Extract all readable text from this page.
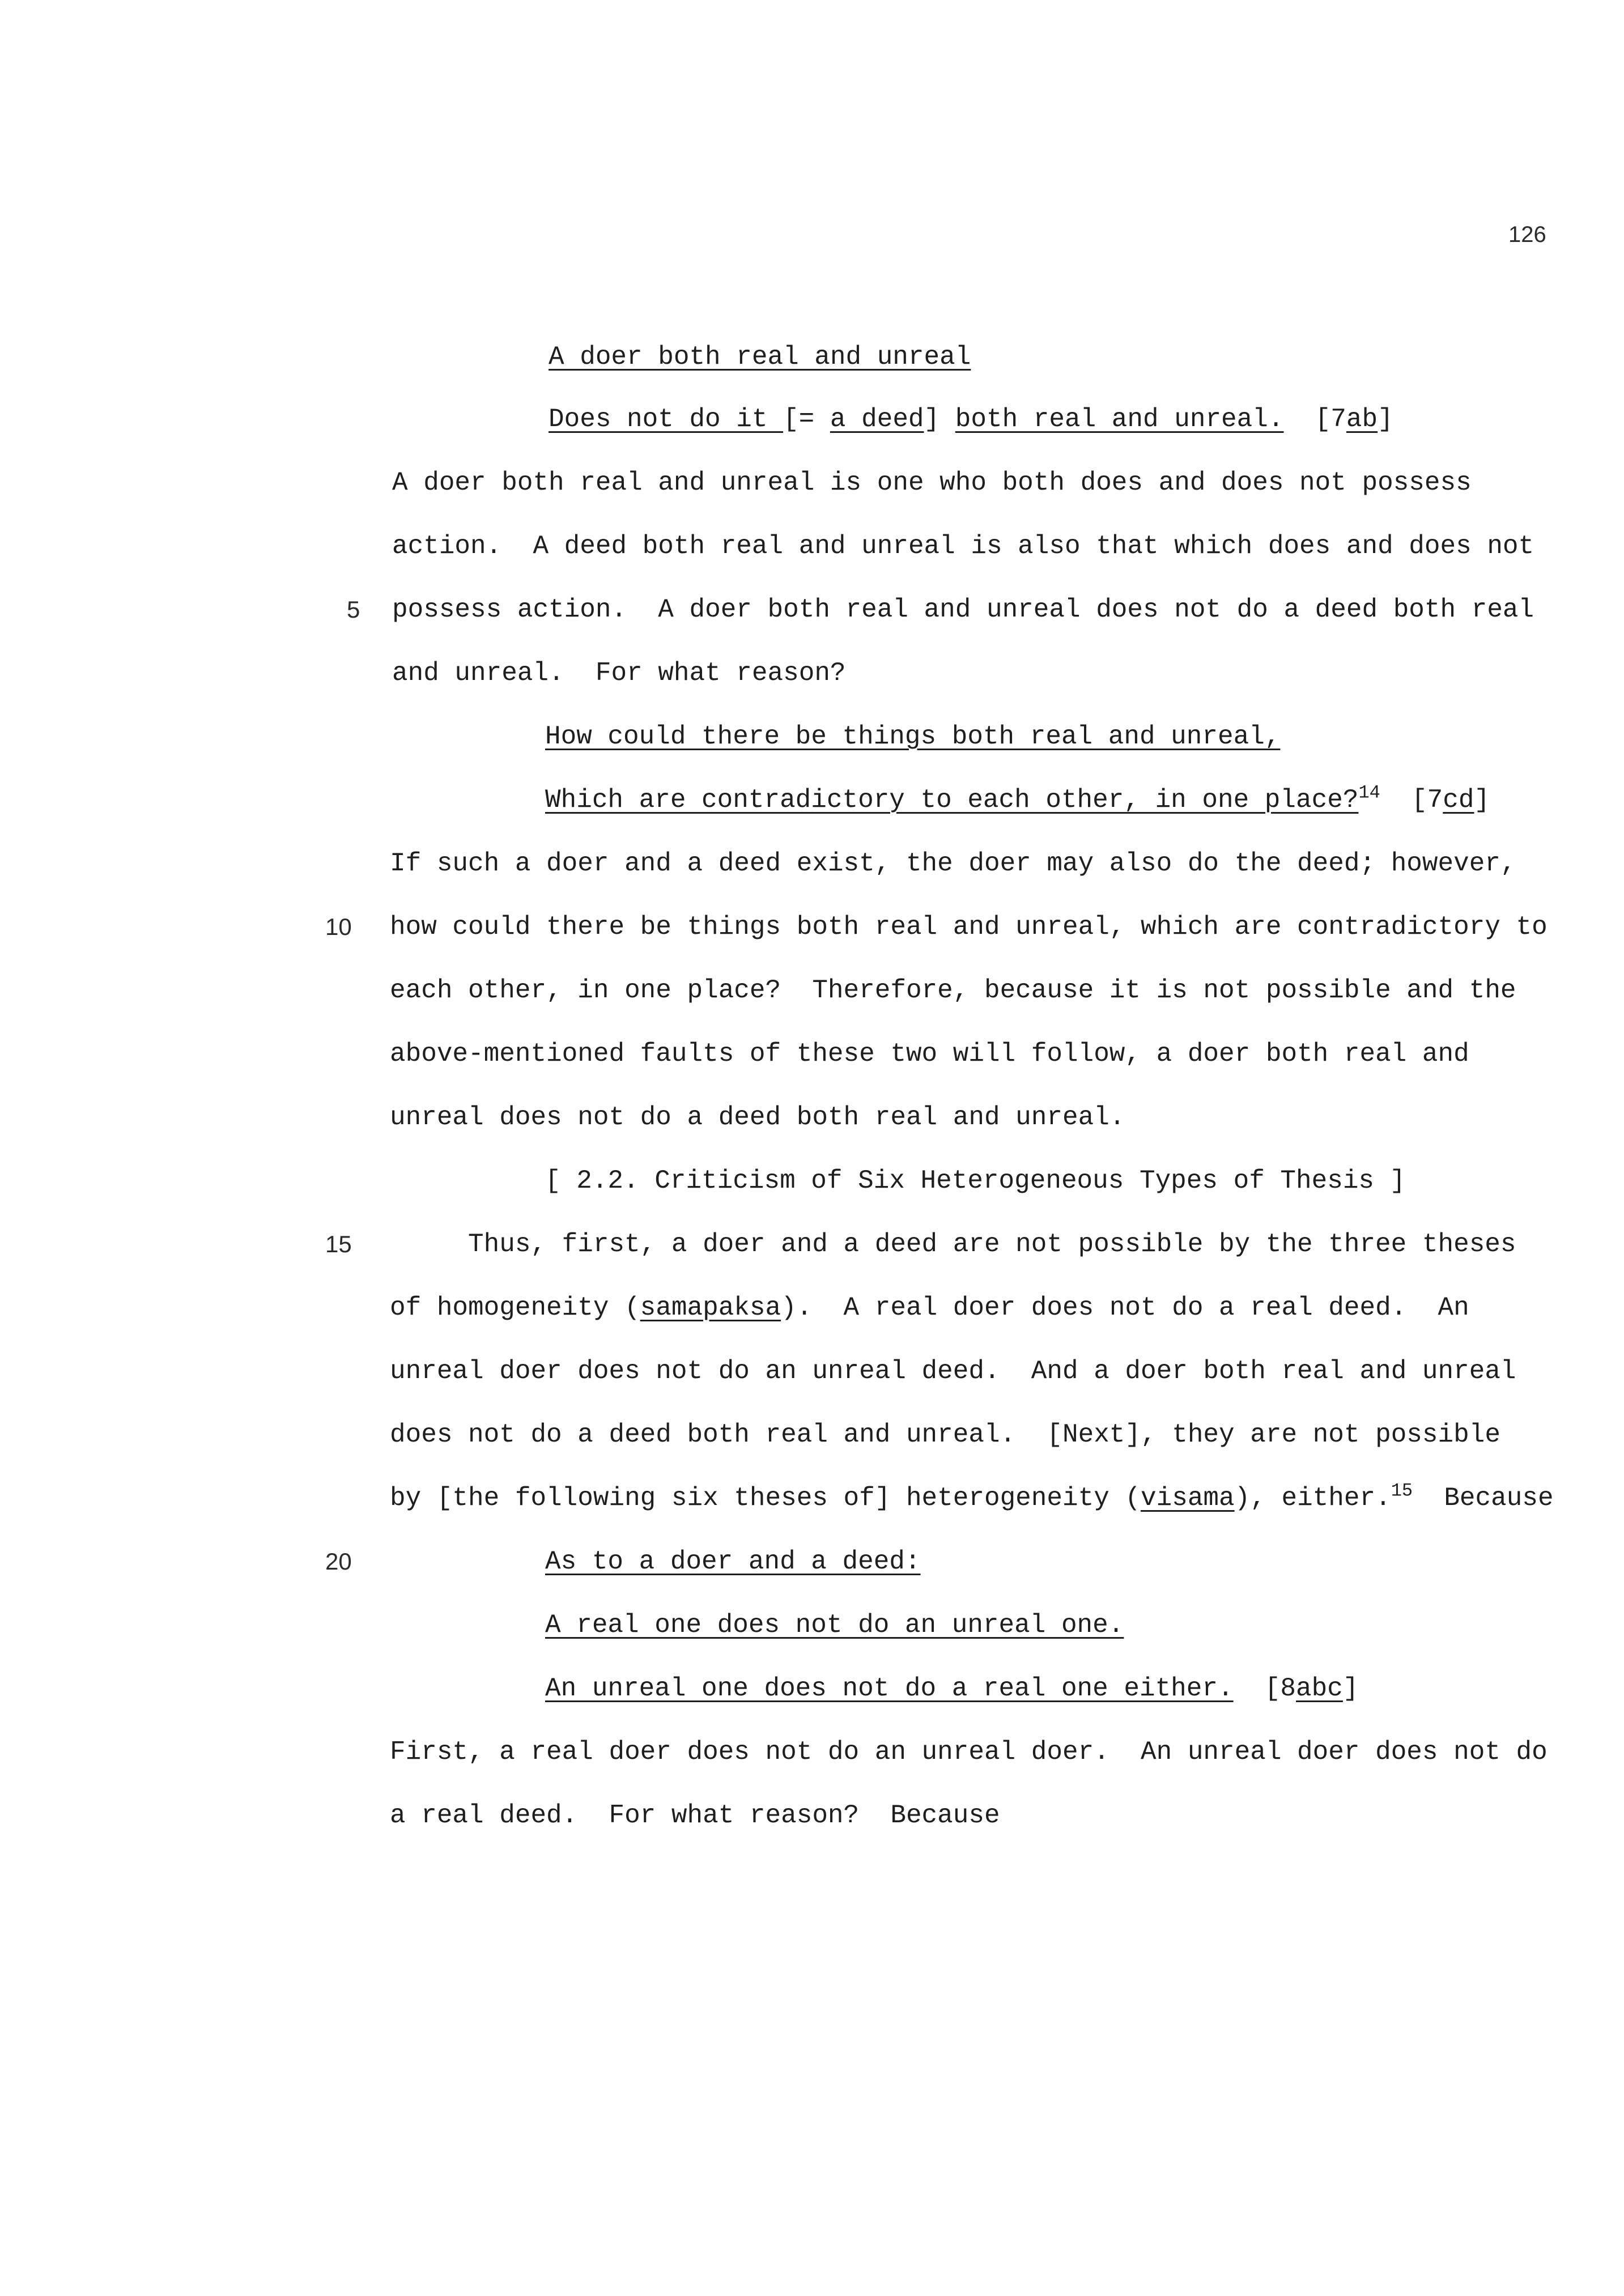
126
A doer both real and unreal
Does not do it [= a deed] both real and unreal. [7ab]
A doer both real and unreal is one who both does and does not possess
action.  A deed both real and unreal is also that which does and does not
5 possess action.  A doer both real and unreal does not do a deed both real
and unreal.  For what reason?
How could there be things both real and unreal,
Which are contradictory to each other, in one place?$^{14}$ [7cd]
If such a doer and a deed exist, the doer may also do the deed; however,
10 how could there be things both real and unreal, which are contradictory to
each other, in one place?  Therefore, because it is not possible and the
above-mentioned faults of these two will follow, a doer both real and
unreal does not do a deed both real and unreal.
[ 2.2. Criticism of Six Heterogeneous Types of Thesis ]
15	Thus, first, a doer and a deed are not possible by the three theses
of homogeneity (samapaksa).  A real doer does not do a real deed.  An
unreal doer does not do an unreal deed.  And a doer both real and unreal
does not do a deed both real and unreal.  [Next], they are not possible
by [the following six theses of] heterogeneity (visama), either.$^{15}$  Because
20	As to a doer and a deed:
A real one does not do an unreal one.
An unreal one does not do a real one either. [8abc]
First, a real doer does not do an unreal doer.  An unreal doer does not do
a real deed.  For what reason?  Because
